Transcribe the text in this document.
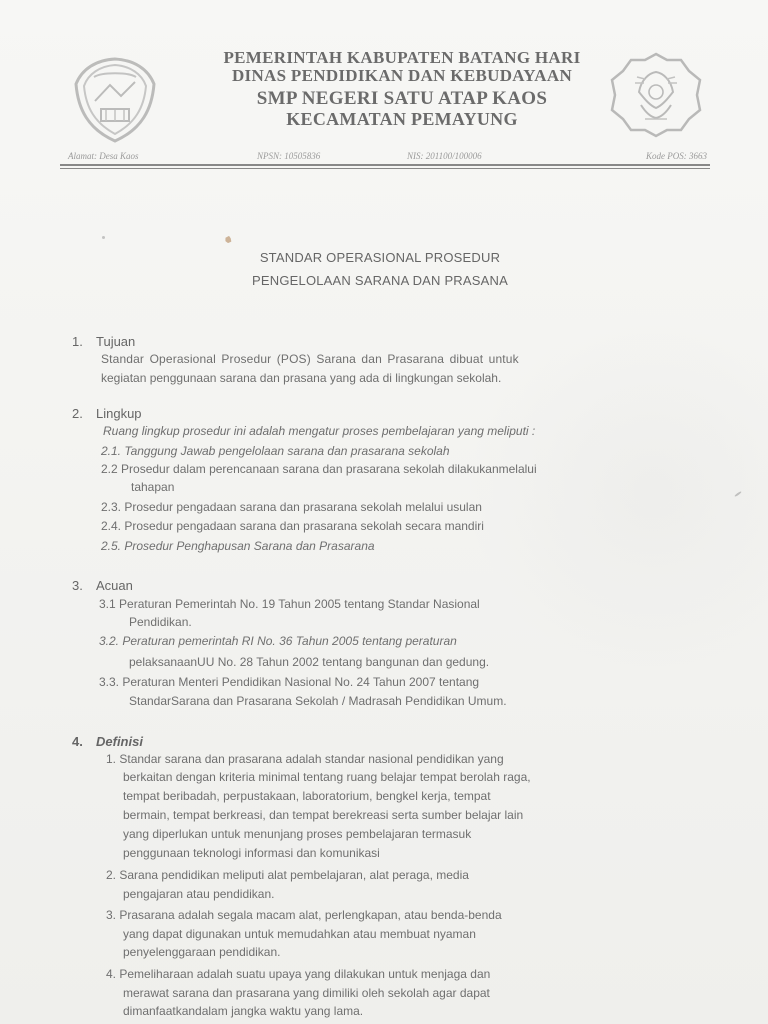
PEMERINTAH KABUPATEN BATANG HARI
DINAS PENDIDIKAN DAN KEBUDAYAAN
SMP NEGERI SATU ATAP KAOS
KECAMATAN PEMAYUNG
Alamat: Desa Kaos	NPSN: 10505836	NIS: 201100/100006	Kode POS: 3663
STANDAR OPERASIONAL PROSEDUR
PENGELOLAAN SARANA DAN PRASANA
1. Tujuan
Standar Operasional Prosedur (POS) Sarana dan Prasarana dibuat untuk
kegiatan penggunaan sarana dan prasana yang ada di lingkungan sekolah.
2. Lingkup
Ruang lingkup prosedur ini adalah mengatur proses pembelajaran yang meliputi :
2.1. Tanggung Jawab pengelolaan sarana dan prasarana sekolah
2.2 Prosedur dalam perencanaan sarana dan prasarana sekolah dilakukanmelalui
tahapan
2.3. Prosedur pengadaan sarana dan prasarana sekolah melalui usulan
2.4. Prosedur pengadaan sarana dan prasarana sekolah secara mandiri
2.5. Prosedur Penghapusan Sarana dan Prasarana
3. Acuan
3.1 Peraturan Pemerintah No. 19 Tahun 2005 tentang Standar Nasional
Pendidikan.
3.2. Peraturan pemerintah RI No. 36 Tahun 2005 tentang peraturan
pelaksanaanUU No. 28 Tahun 2002 tentang bangunan dan gedung.
3.3. Peraturan Menteri Pendidikan Nasional No. 24 Tahun 2007 tentang
StandarSarana dan Prasarana Sekolah / Madrasah Pendidikan Umum.
4. Definisi
1. Standar sarana dan prasarana adalah standar nasional pendidikan yang
berkaitan dengan kriteria minimal tentang ruang belajar tempat berolah raga,
tempat beribadah, perpustakaan, laboratorium, bengkel kerja, tempat
bermain, tempat berkreasi, dan tempat berekreasi serta sumber belajar lain
yang diperlukan untuk menunjang proses pembelajaran termasuk
penggunaan teknologi informasi dan komunikasi
2. Sarana pendidikan meliputi alat pembelajaran, alat peraga, media
pengajaran atau pendidikan.
3. Prasarana adalah segala macam alat, perlengkapan, atau benda-benda
yang dapat digunakan untuk memudahkan atau membuat nyaman
penyelenggaraan pendidikan.
4. Pemeliharaan adalah suatu upaya yang dilakukan untuk menjaga dan
merawat sarana dan prasarana yang dimiliki oleh sekolah agar dapat
dimanfaatkandalam jangka waktu yang lama.
